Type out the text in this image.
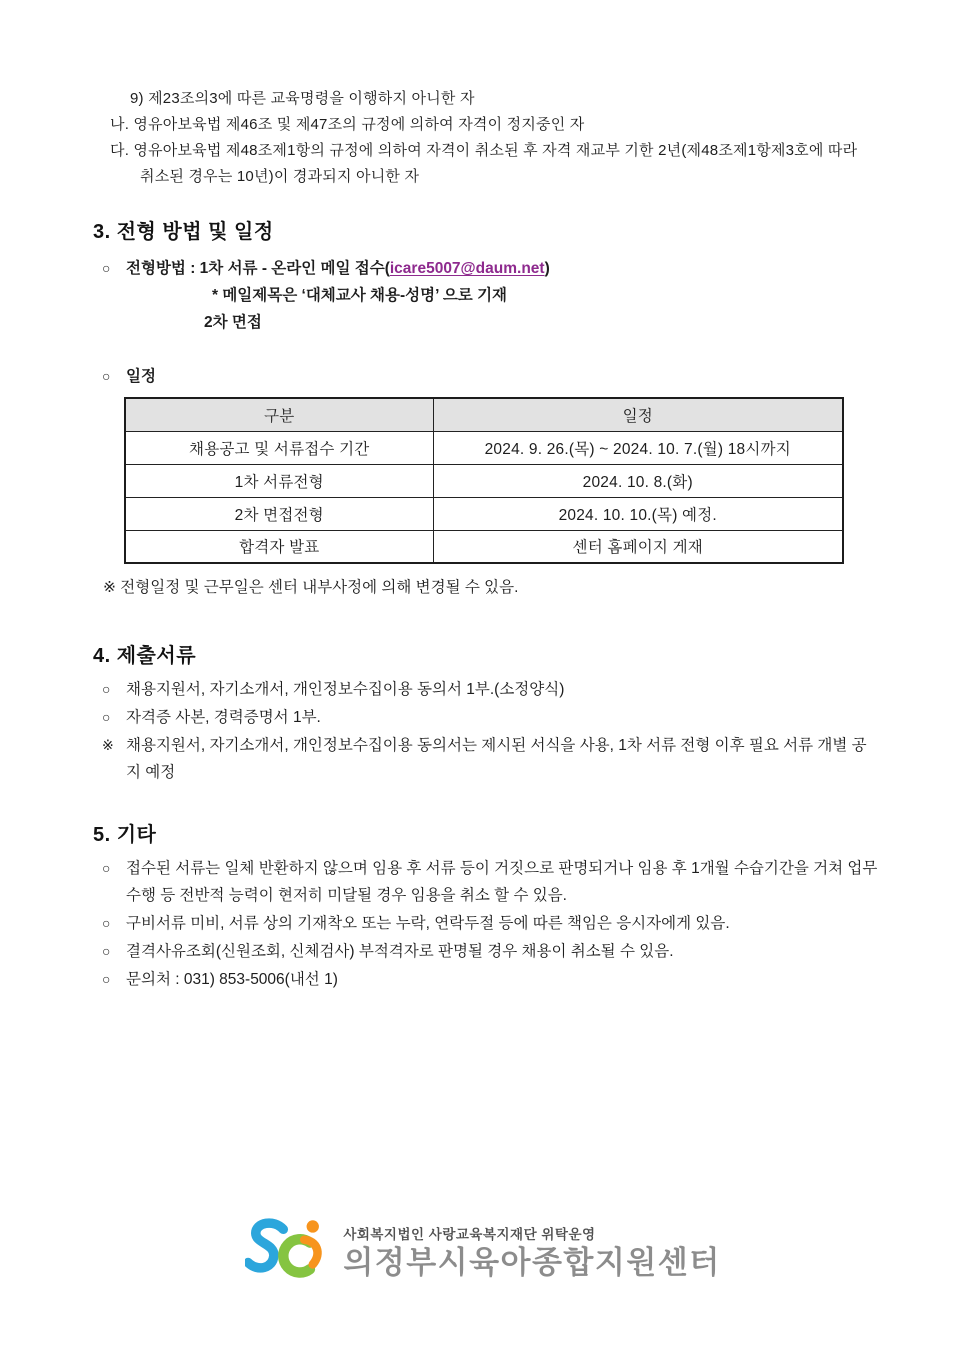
9) 제23조의3에 따른 교육명령을 이행하지 아니한 자

나. 영유아보육법 제46조 및 제47조의 규정에 의하여 자격이 정지중인 자

다. 영유아보육법 제48조제1항의 규정에 의하여 자격이 취소된 후 자격 재교부 기한 2년(제48조제1항제3호에 따라

취소된 경우는 10년)이 경과되지 아니한 자

3. 전형 방법 및 일정
○	전형방법 : 1차 서류 - 온라인 메일 접수(icare5007@daum.net)

* 메일제목은 ‘대체교사 채용-성명’ 으로 기재

2차 면접

○	일정
구분	일정
채용공고 및 서류접수 기간	2024. 9. 26.(목) ~ 2024. 10. 7.(월) 18시까지
1차 서류전형	2024. 10. 8.(화)
2차 면접전형	2024. 10. 10.(목) 예정.
합격자 발표	센터 홈페이지 게재

※ 전형일정 및 근무일은 센터 내부사정에 의해 변경될 수 있음.

4. 제출서류
○	채용지원서, 자기소개서, 개인정보수집이용 동의서 1부.(소정양식)
○	자격증 사본, 경력증명서 1부.
※ 채용지원서, 자기소개서, 개인정보수집이용 동의서는 제시된 서식을 사용, 1차 서류 전형 이후 필요 서류 개별 공지 예정
5. 기타
○	접수된 서류는 일체 반환하지 않으며 임용 후 서류 등이 거짓으로 판명되거나 임용 후 1개월 수습기간을 거쳐 업무수행 등 전반적 능력이 현저히 미달될 경우 임용을 취소 할 수 있음.
○	구비서류 미비, 서류 상의 기재착오 또는 누락, 연락두절 등에 따른 책임은 응시자에게 있음.
○	결격사유조회(신원조회, 신체검사) 부적격자로 판명될 경우 채용이 취소될 수 있음.
○	문의처 : 031) 853-5006(내선 1)
사회복지법인 사랑교육복지재단 위탁운영
의정부시육아종합지원센터
